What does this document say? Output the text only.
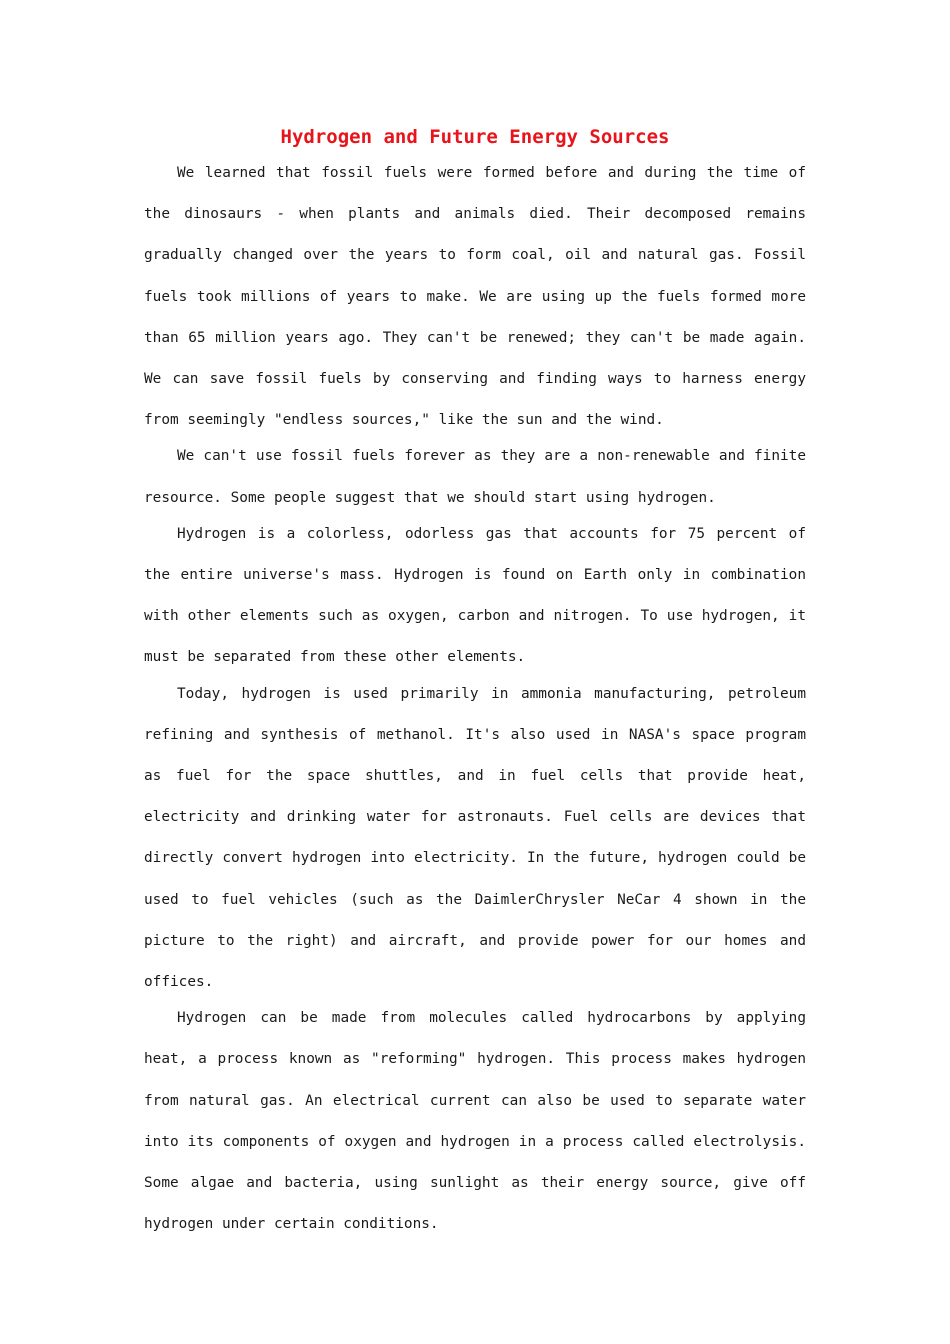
Hydrogen and Future Energy Sources

We learned that fossil fuels were formed before and during the time of the dinosaurs - when plants and animals died. Their decomposed remains gradually changed over the years to form coal, oil and natural gas. Fossil fuels took millions of years to make. We are using up the fuels formed more than 65 million years ago. They can't be renewed; they can't be made again. We can save fossil fuels by conserving and finding ways to harness energy from seemingly "endless sources," like the sun and the wind.

We can't use fossil fuels forever as they are a non-renewable and finite resource. Some people suggest that we should start using hydrogen.

Hydrogen is a colorless, odorless gas that accounts for 75 percent of the entire universe's mass. Hydrogen is found on Earth only in combination with other elements such as oxygen, carbon and nitrogen. To use hydrogen, it must be separated from these other elements.

Today, hydrogen is used primarily in ammonia manufacturing, petroleum refining and synthesis of methanol. It's also used in NASA's space program as fuel for the space shuttles, and in fuel cells that provide heat, electricity and drinking water for astronauts. Fuel cells are devices that directly convert hydrogen into electricity. In the future, hydrogen could be used to fuel vehicles (such as the DaimlerChrysler NeCar 4 shown in the picture to the right) and aircraft, and provide power for our homes and offices.

Hydrogen can be made from molecules called hydrocarbons by applying heat, a process known as "reforming" hydrogen. This process makes hydrogen from natural gas. An electrical current can also be used to separate water into its components of oxygen and hydrogen in a process called electrolysis. Some algae and bacteria, using sunlight as their energy source, give off hydrogen under certain conditions.
